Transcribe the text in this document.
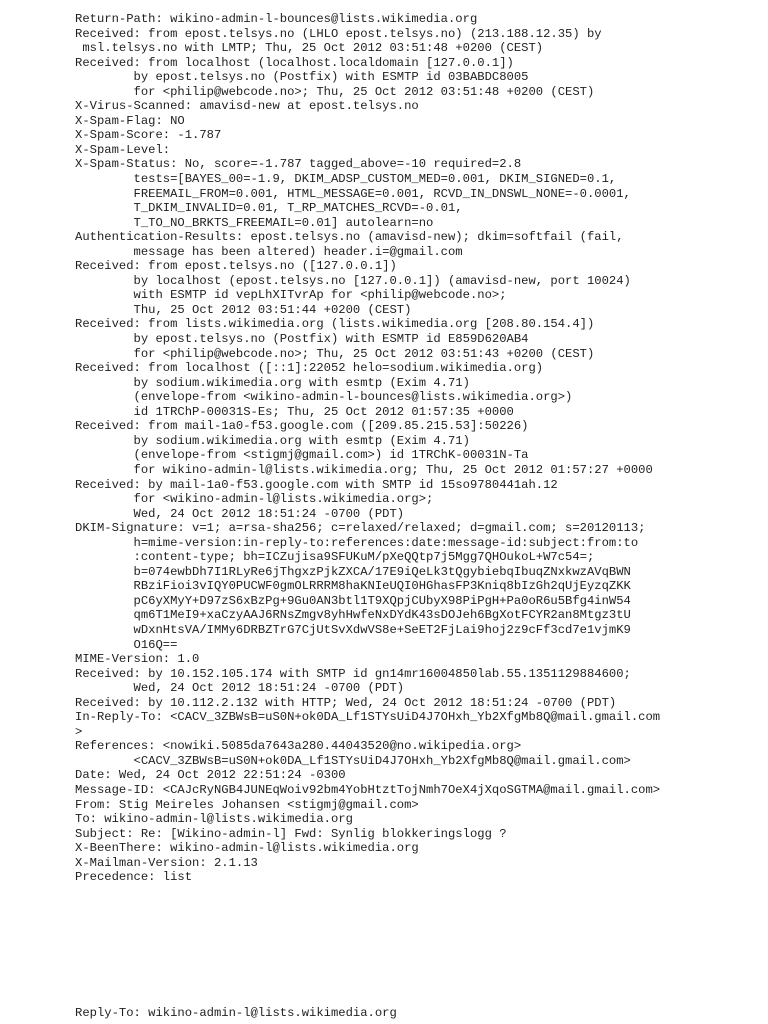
Return-Path: wikino-admin-l-bounces@lists.wikimedia.org
Received: from epost.telsys.no (LHLO epost.telsys.no) (213.188.12.35) by
msl.telsys.no with LMTP; Thu, 25 Oct 2012 03:51:48 +0200 (CEST)
Received: from localhost (localhost.localdomain [127.0.0.1])
by epost.telsys.no (Postfix) with ESMTP id 03BABDC8005
for <philip@webcode.no>; Thu, 25 Oct 2012 03:51:48 +0200 (CEST)
X-Virus-Scanned: amavisd-new at epost.telsys.no
X-Spam-Flag: NO
X-Spam-Score: -1.787
X-Spam-Level:
X-Spam-Status: No, score=-1.787 tagged_above=-10 required=2.8
tests=[BAYES_00=-1.9, DKIM_ADSP_CUSTOM_MED=0.001, DKIM_SIGNED=0.1,
FREEMAIL_FROM=0.001, HTML_MESSAGE=0.001, RCVD_IN_DNSWL_NONE=-0.0001,
T_DKIM_INVALID=0.01, T_RP_MATCHES_RCVD=-0.01,
T_TO_NO_BRKTS_FREEMAIL=0.01] autolearn=no
Authentication-Results: epost.telsys.no (amavisd-new); dkim=softfail (fail,
message has been altered) header.i=@gmail.com
Received: from epost.telsys.no ([127.0.0.1])
by localhost (epost.telsys.no [127.0.0.1]) (amavisd-new, port 10024)
with ESMTP id vepLhXITvrAp for <philip@webcode.no>;
Thu, 25 Oct 2012 03:51:44 +0200 (CEST)
Received: from lists.wikimedia.org (lists.wikimedia.org [208.80.154.4])
by epost.telsys.no (Postfix) with ESMTP id E859D620AB4
for <philip@webcode.no>; Thu, 25 Oct 2012 03:51:43 +0200 (CEST)
Received: from localhost ([::1]:22052 helo=sodium.wikimedia.org)
by sodium.wikimedia.org with esmtp (Exim 4.71)
(envelope-from <wikino-admin-l-bounces@lists.wikimedia.org>)
id 1TRChP-00031S-Es; Thu, 25 Oct 2012 01:57:35 +0000
Received: from mail-1a0-f53.google.com ([209.85.215.53]:50226)
by sodium.wikimedia.org with esmtp (Exim 4.71)
(envelope-from <stigmj@gmail.com>) id 1TRChK-00031N-Ta
for wikino-admin-l@lists.wikimedia.org; Thu, 25 Oct 2012 01:57:27 +0000
Received: by mail-1a0-f53.google.com with SMTP id 15so9780441ah.12
for <wikino-admin-l@lists.wikimedia.org>;
Wed, 24 Oct 2012 18:51:24 -0700 (PDT)
DKIM-Signature: v=1; a=rsa-sha256; c=relaxed/relaxed; d=gmail.com; s=20120113;
h=mime-version:in-reply-to:references:date:message-id:subject:from:to
:content-type; bh=ICZujisa9SFUKuM/pXeQQtp7j5Mgg7QHOukoL+W7c54=;
b=074ewbDh7I1RLyRe6jThgxzPjkZXCA/17E9iQeLk3tQgybiebqIbuqZNxkwzAVqBWN
RBziFioi3vIQY0PUCWF0gmOLRRRM8haKNIeUQI0HGhasFP3Kniq8bIzGh2qUjEyzqZKK
pC6yXMyY+D97zS6xBzPg+9Gu0AN3btl1T9XQpjCUbyX98PiPgH+Pa0oR6u5Bfg4inW54
qm6T1MeI9+xaCzyAAJ6RNsZmgv8yhHwfeNxDYdK43sDOJeh6BgXotFCYR2an8Mtgz3tU
wDxnHtsVA/IMMy6DRBZTrG7CjUtSvXdwVS8e+SeET2FjLai9hoj2z9cFf3cd7e1vjmK9
O16Q==
MIME-Version: 1.0
Received: by 10.152.105.174 with SMTP id gn14mr16004850lab.55.1351129884600;
Wed, 24 Oct 2012 18:51:24 -0700 (PDT)
Received: by 10.112.2.132 with HTTP; Wed, 24 Oct 2012 18:51:24 -0700 (PDT)
In-Reply-To: <CACV_3ZBWsB=uS0N+ok0DA_Lf1STYsUiD4J7OHxh_Yb2XfgMb8Q@mail.gmail.com
>
References: <nowiki.5085da7643a280.44043520@no.wikipedia.org>
<CACV_3ZBWsB=uS0N+ok0DA_Lf1STYsUiD4J7OHxh_Yb2XfgMb8Q@mail.gmail.com>
Date: Wed, 24 Oct 2012 22:51:24 -0300
Message-ID: <CAJcRyNGB4JUNEqWoiv92bm4YobHtztTojNmh7OeX4jXqoSGTMA@mail.gmail.com>
From: Stig Meireles Johansen <stigmj@gmail.com>
To: wikino-admin-l@lists.wikimedia.org
Subject: Re: [Wikino-admin-l] Fwd: Synlig blokkeringslogg ?
X-BeenThere: wikino-admin-l@lists.wikimedia.org
X-Mailman-Version: 2.1.13
Precedence: list
Reply-To: wikino-admin-l@lists.wikimedia.org
